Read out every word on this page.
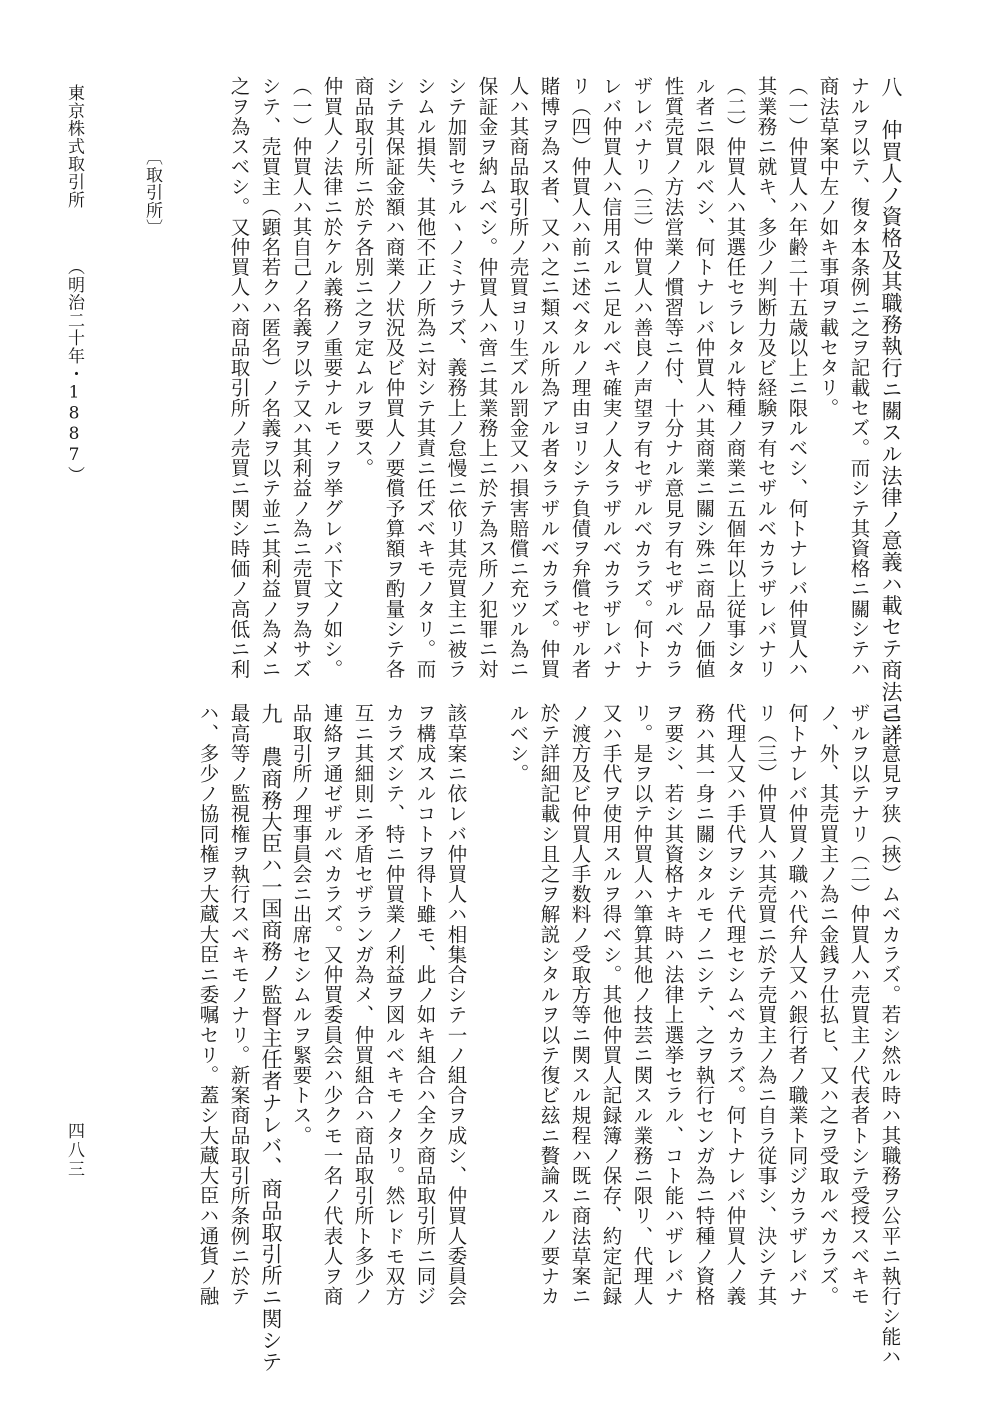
八　仲買人ノ資格及其職務執行ニ關スル法律ノ意義ハ載セテ商法ニ詳
ナルヲ以テ、復タ本条例ニ之ヲ記載セズ。而シテ其資格ニ關シテハ
商法草案中左ノ如キ事項ヲ載セタリ。
（一）仲買人ハ年齢二十五歳以上ニ限ルベシ、何トナレバ仲買人ハ
其業務ニ就キ、多少ノ判断力及ビ経験ヲ有セザルベカラザレバナリ
（二）仲買人ハ其選任セラレタル特種ノ商業ニ五個年以上従事シタ
ル者ニ限ルベシ、何トナレバ仲買人ハ其商業ニ關シ殊ニ商品ノ価値
性質売買ノ方法営業ノ慣習等ニ付、十分ナル意見ヲ有セザルベカラ
ザレバナリ（三）仲買人ハ善良ノ声望ヲ有セザルベカラズ。何トナ
レバ仲買人ハ信用スルニ足ルベキ確実ノ人タラザルベカラザレバナ
リ（四）仲買人ハ前ニ述ベタルノ理由ヨリシテ負債ヲ弁償セザル者
賭博ヲ為ス者、又ハ之ニ類スル所為アル者タラザルベカラズ。仲買
人ハ其商品取引所ノ売買ヨリ生ズル罰金又ハ損害賠償ニ充ツル為ニ
保証金ヲ納ムベシ。仲買人ハ啻ニ其業務上ニ於テ為ス所ノ犯罪ニ対
シテ加罰セラルヽノミナラズ、義務上ノ怠慢ニ依リ其売買主ニ被ラ
シムル損失、其他不正ノ所為ニ対シテ其責ニ任ズベキモノタリ。而
シテ其保証金額ハ商業ノ状況及ビ仲買人ノ要償予算額ヲ酌量シテ各
商品取引所ニ於テ各別ニ之ヲ定ムルヲ要ス。
仲買人ノ法律ニ於ケル義務ノ重要ナルモノヲ挙グレバ下文ノ如シ。
（一）仲買人ハ其自己ノ名義ヲ以テ又ハ其利益ノ為ニ売買ヲ為サズ
シテ、売買主（顕名若クハ匿名）ノ名義ヲ以テ並ニ其利益ノ為メニ
之ヲ為スベシ。又仲買人ハ商品取引所ノ売買ニ関シ時価ノ高低ニ利
己ノ意見ヲ狭（挾）ムベカラズ。若シ然ル時ハ其職務ヲ公平ニ執行シ能ハ
ザルヲ以テナリ（二）仲買人ハ売買主ノ代表者トシテ受授スベキモ
ノ、外、其売買主ノ為ニ金銭ヲ仕払ヒ、又ハ之ヲ受取ルベカラズ。
何トナレバ仲買ノ職ハ代弁人又ハ銀行者ノ職業ト同ジカラザレバナ
リ（三）仲買人ハ其売買ニ於テ売買主ノ為ニ自ラ従事シ、決シテ其
代理人又ハ手代ヲシテ代理セシムベカラズ。何トナレバ仲買人ノ義
務ハ其一身ニ關シタルモノニシテ、之ヲ執行センガ為ニ特種ノ資格
ヲ要シ、若シ其資格ナキ時ハ法律上選挙セラル、コト能ハザレバナ
リ。是ヲ以テ仲買人ハ筆算其他ノ技芸ニ関スル業務ニ限リ、代理人
又ハ手代ヲ使用スルヲ得ベシ。其他仲買人記録簿ノ保存、約定記録
ノ渡方及ビ仲買人手数料ノ受取方等ニ関スル規程ハ既ニ商法草案ニ
於テ詳細記載シ且之ヲ解説シタルヲ以テ復ビ玆ニ贅論スルノ要ナカ
ルベシ。
該草案ニ依レバ仲買人ハ相集合シテ一ノ組合ヲ成シ、仲買人委員会
ヲ構成スルコトヲ得ト雖モ、此ノ如キ組合ハ全ク商品取引所ニ同ジ
カラズシテ、特ニ仲買業ノ利益ヲ図ルベキモノタリ。然レドモ双方
互ニ其細則ニ矛盾セザランガ為メ、仲買組合ハ商品取引所ト多少ノ
連絡ヲ通ゼザルベカラズ。又仲買委員会ハ少クモ一名ノ代表人ヲ商
品取引所ノ理事員会ニ出席セシムルヲ緊要トス。
九　農商務大臣ハ一国商務ノ監督主任者ナレバ、商品取引所ニ関シテ
最高等ノ監視権ヲ執行スベキモノナリ。新案商品取引所条例ニ於テ
ハ、多少ノ協同権ヲ大蔵大臣ニ委嘱セリ。蓋シ大蔵大臣ハ通貨ノ融
〔取引所〕
東京株式取引所
（明治二十年・1887）
四八三
